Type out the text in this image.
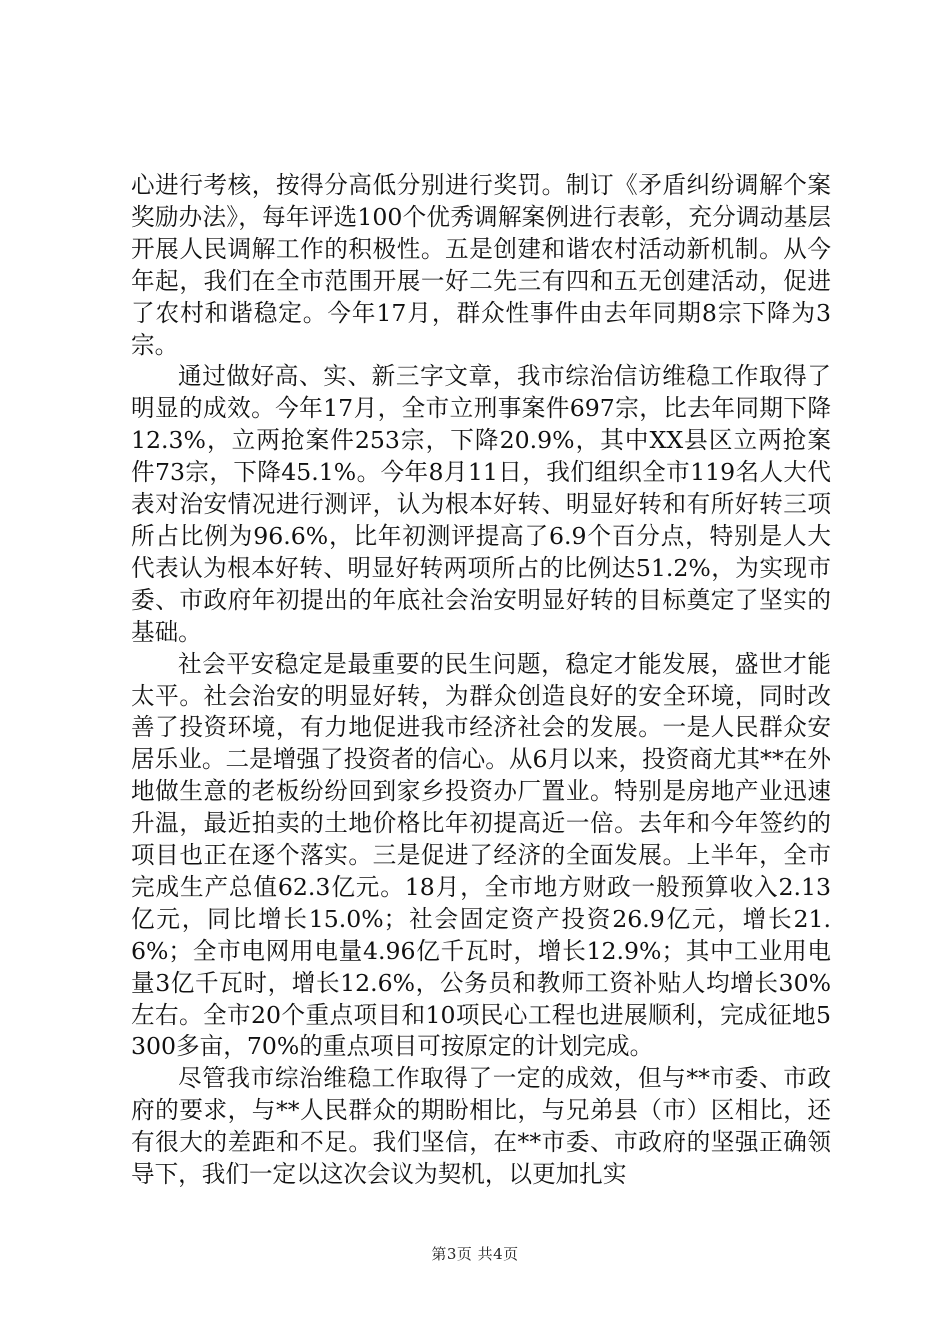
心进行考核，按得分高低分别进行奖罚。制订《矛盾纠纷调解个案奖励办法》，每年评选100个优秀调解案例进行表彰，充分调动基层开展人民调解工作的积极性。五是创建和谐农村活动新机制。从今年起，我们在全市范围开展一好二先三有四和五无创建活动，促进了农村和谐稳定。今年17月，群众性事件由去年同期8宗下降为3宗。

通过做好高、实、新三字文章，我市综治信访维稳工作取得了明显的成效。今年17月，全市立刑事案件697宗，比去年同期下降12.3%，立两抢案件253宗，下降20.9%，其中XX县区立两抢案件73宗，下降45.1%。今年8月11日，我们组织全市119名人大代表对治安情况进行测评，认为根本好转、明显好转和有所好转三项所占比例为96.6%，比年初测评提高了6.9个百分点，特别是人大代表认为根本好转、明显好转两项所占的比例达51.2%，为实现市委、市政府年初提出的年底社会治安明显好转的目标奠定了坚实的基础。

社会平安稳定是最重要的民生问题，稳定才能发展，盛世才能太平。社会治安的明显好转，为群众创造良好的安全环境，同时改善了投资环境，有力地促进我市经济社会的发展。一是人民群众安居乐业。二是增强了投资者的信心。从6月以来，投资商尤其**在外地做生意的老板纷纷回到家乡投资办厂置业。特别是房地产业迅速升温，最近拍卖的土地价格比年初提高近一倍。去年和今年签约的项目也正在逐个落实。三是促进了经济的全面发展。上半年，全市完成生产总值62.3亿元。18月，全市地方财政一般预算收入2.13亿元，同比增长15.0%；社会固定资产投资26.9亿元，增长21.6%；全市电网用电量4.96亿千瓦时，增长12.9%；其中工业用电量3亿千瓦时，增长12.6%，公务员和教师工资补贴人均增长30%左右。全市20个重点项目和10项民心工程也进展顺利，完成征地5300多亩，70%的重点项目可按原定的计划完成。

尽管我市综治维稳工作取得了一定的成效，但与**市委、市政府的要求，与**人民群众的期盼相比，与兄弟县（市）区相比，还有很大的差距和不足。我们坚信，在**市委、市政府的坚强正确领导下，我们一定以这次会议为契机，以更加扎实

第3页 共4页
